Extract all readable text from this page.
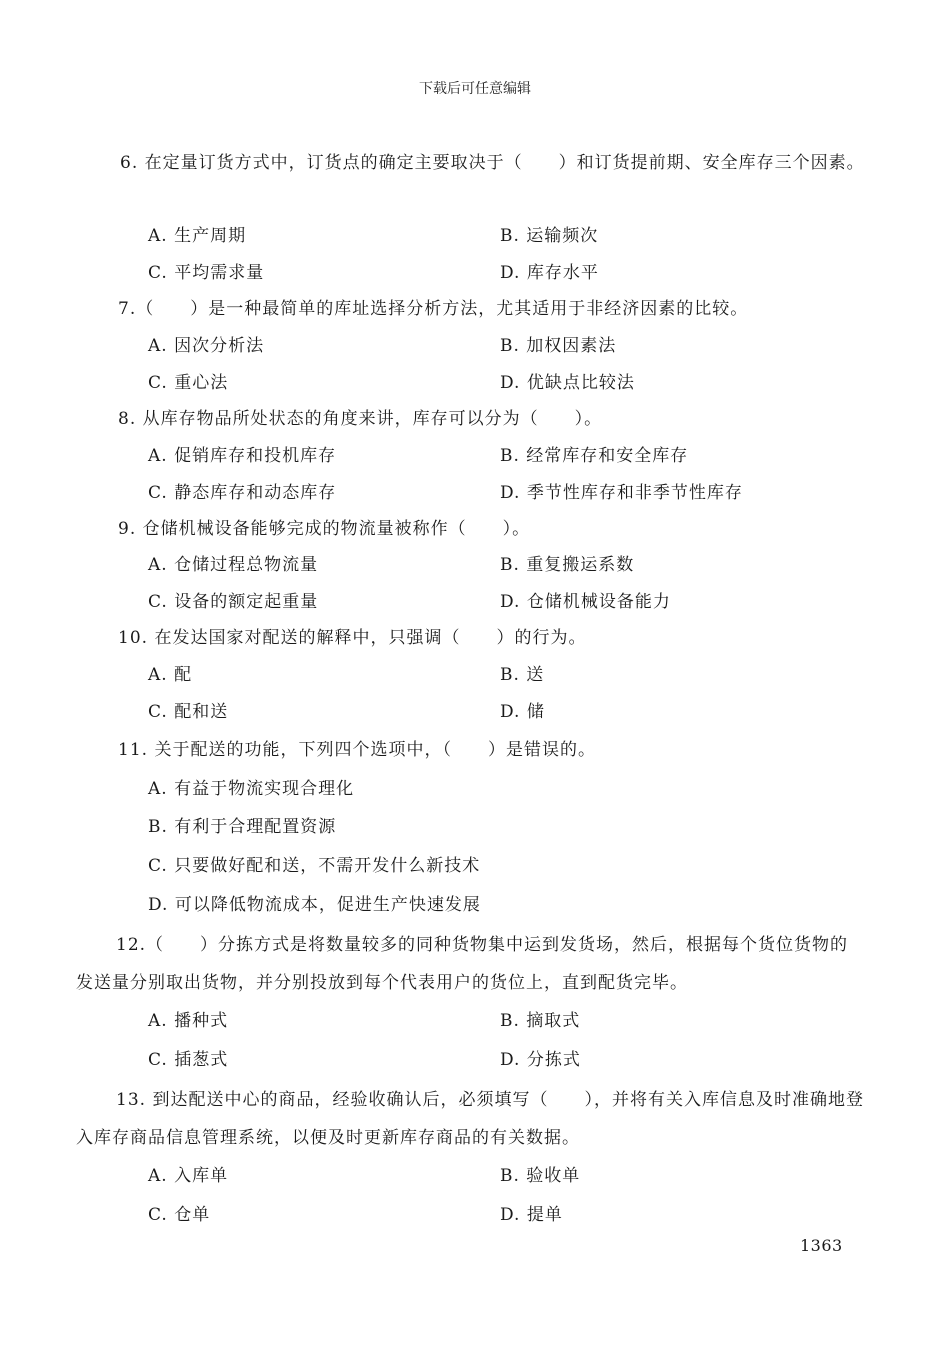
下载后可任意编辑
6. 在定量订货方式中，订货点的确定主要取决于（　　）和订货提前期、安全库存三个因素。
A. 生产周期	B. 运输频次
C. 平均需求量	D. 库存水平
7.（　　）是一种最简单的库址选择分析方法，尤其适用于非经济因素的比较。
A. 因次分析法	B. 加权因素法
C. 重心法	D. 优缺点比较法
8. 从库存物品所处状态的角度来讲，库存可以分为（　　）。
A. 促销库存和投机库存	B. 经常库存和安全库存
C. 静态库存和动态库存	D. 季节性库存和非季节性库存
9. 仓储机械设备能够完成的物流量被称作（　　）。
A. 仓储过程总物流量	B. 重复搬运系数
C. 设备的额定起重量	D. 仓储机械设备能力
10. 在发达国家对配送的解释中，只强调（　　）的行为。
A. 配	B. 送
C. 配和送	D. 储
11. 关于配送的功能，下列四个选项中，（　　）是错误的。
A. 有益于物流实现合理化
B. 有利于合理配置资源
C. 只要做好配和送，不需开发什么新技术
D. 可以降低物流成本，促进生产快速发展
12.（　　）分拣方式是将数量较多的同种货物集中运到发货场，然后，根据每个货位货物的发送量分别取出货物，并分别投放到每个代表用户的货位上，直到配货完毕。
A. 播种式	B. 摘取式
C. 插葱式	D. 分拣式
13. 到达配送中心的商品，经验收确认后，必须填写（　　），并将有关入库信息及时准确地登入库存商品信息管理系统，以便及时更新库存商品的有关数据。
A. 入库单	B. 验收单
C. 仓单	D. 提单
1363
